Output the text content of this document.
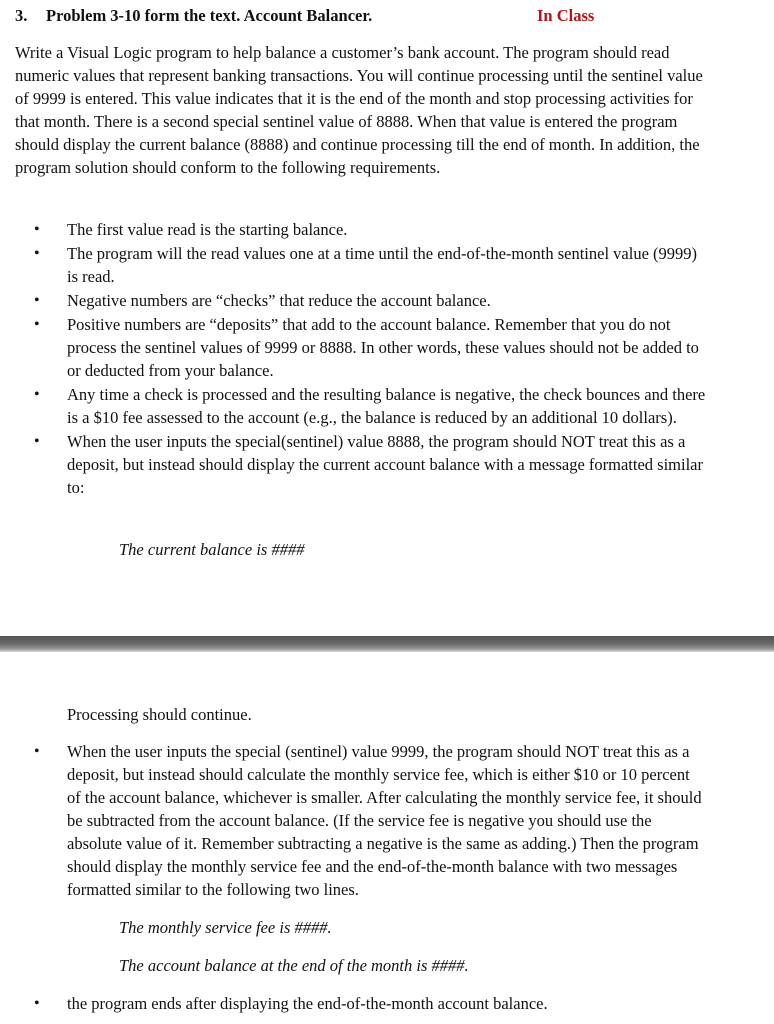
3. Problem 3-10 form the text. Account Balancer.	In Class

Write a Visual Logic program to help balance a customer’s bank account. The program should read numeric values that represent banking transactions. You will continue processing until the sentinel value of 9999 is entered. This value indicates that it is the end of the month and stop processing activities for that month. There is a second special sentinel value of 8888. When that value is entered the program should display the current balance (8888) and continue processing till the end of month. In addition, the program solution should conform to the following requirements.

• The first value read is the starting balance.
• The program will the read values one at a time until the end-of-the-month sentinel value (9999) is read.
• Negative numbers are “checks” that reduce the account balance.
• Positive numbers are “deposits” that add to the account balance. Remember that you do not process the sentinel values of 9999 or 8888. In other words, these values should not be added to or deducted from your balance.
• Any time a check is processed and the resulting balance is negative, the check bounces and there is a $10 fee assessed to the account (e.g., the balance is reduced by an additional 10 dollars).
• When the user inputs the special(sentinel) value 8888, the program should NOT treat this as a deposit, but instead should display the current account balance with a message formatted similar to:
The current balance is ####
Processing should continue.
• When the user inputs the special (sentinel) value 9999, the program should NOT treat this as a deposit, but instead should calculate the monthly service fee, which is either $10 or 10 percent of the account balance, whichever is smaller. After calculating the monthly service fee, it should be subtracted from the account balance. (If the service fee is negative you should use the absolute value of it. Remember subtracting a negative is the same as adding.) Then the program should display the monthly service fee and the end-of-the-month balance with two messages formatted similar to the following two lines.
The monthly service fee is ####.
The account balance at the end of the month is ####.
• the program ends after displaying the end-of-the-month account balance.
